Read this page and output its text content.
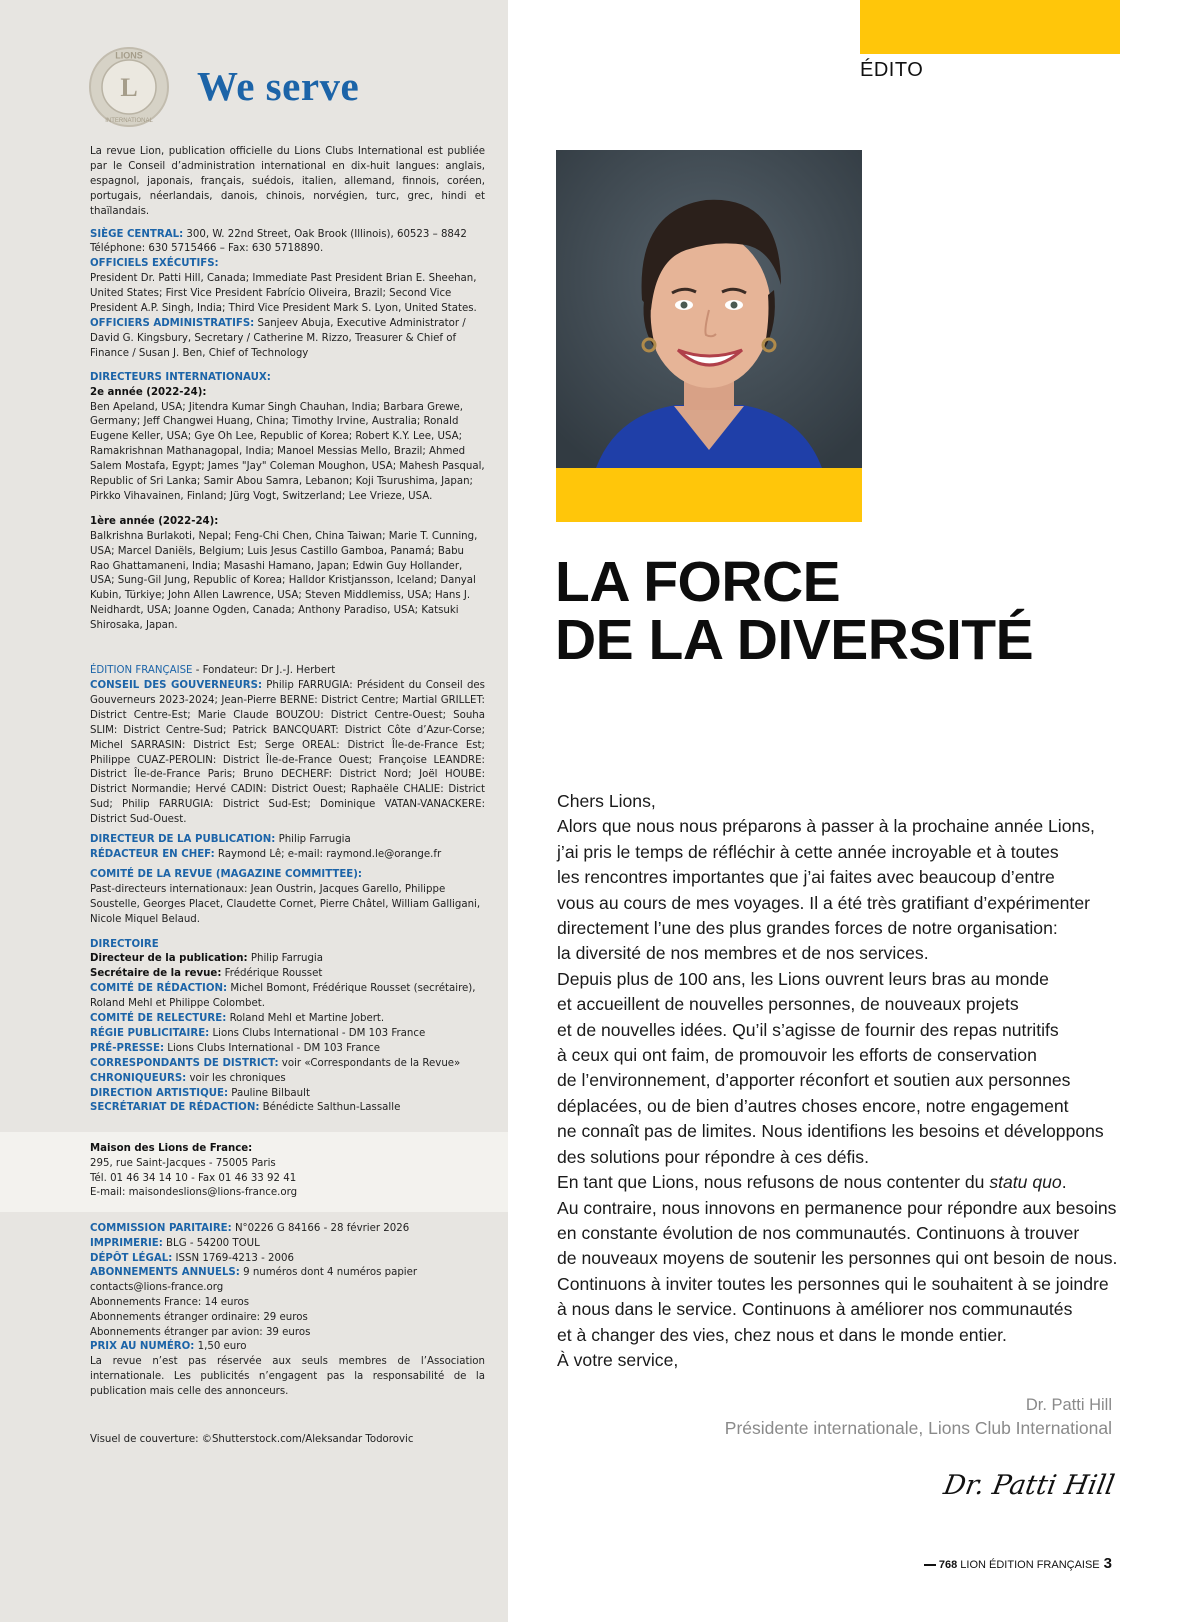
L
LIONS
INTERNATIONAL
We serve
La revue Lion, publication officielle du Lions Clubs International est publiée par le Conseil d’administration international en dix-huit langues: anglais, espagnol, japonais, français, suédois, italien, allemand, finnois, coréen, portugais, néerlandais, danois, chinois, norvégien, turc, grec, hindi et thaïlandais.
SIÈGE CENTRAL: 300, W. 22nd Street, Oak Brook (Illinois), 60523 – 8842
Téléphone: 630 5715466 – Fax: 630 5718890.
OFFICIELS EXÉCUTIFS:
President Dr. Patti Hill, Canada; Immediate Past President Brian E. Sheehan, United States; First Vice President Fabrício Oliveira, Brazil; Second Vice President A.P. Singh, India; Third Vice President Mark S. Lyon, United States.
OFFICIERS ADMINISTRATIFS: Sanjeev Abuja, Executive Administrator / David G. Kingsbury, Secretary / Catherine M. Rizzo, Treasurer & Chief of Finance / Susan J. Ben, Chief of Technology
DIRECTEURS INTERNATIONAUX:
2e année (2022-24):
Ben Apeland, USA; Jitendra Kumar Singh Chauhan, India; Barbara Grewe, Germany; Jeff Changwei Huang, China; Timothy Irvine, Australia; Ronald Eugene Keller, USA; Gye Oh Lee, Republic of Korea; Robert K.Y. Lee, USA; Ramakrishnan Mathanagopal, India; Manoel Messias Mello, Brazil; Ahmed Salem Mostafa, Egypt; James "Jay" Coleman Moughon, USA; Mahesh Pasqual, Republic of Sri Lanka; Samir Abou Samra, Lebanon; Koji Tsurushima, Japan; Pirkko Vihavainen, Finland; Jürg Vogt, Switzerland; Lee Vrieze, USA.
1ère année (2022-24):
Balkrishna Burlakoti, Nepal; Feng-Chi Chen, China Taiwan; Marie T. Cunning, USA; Marcel Daniëls, Belgium; Luis Jesus Castillo Gamboa, Panamá; Babu Rao Ghattamaneni, India; Masashi Hamano, Japan; Edwin Guy Hollander, USA; Sung-Gil Jung, Republic of Korea; Halldor Kristjansson, Iceland; Danyal Kubin, Türkiye; John Allen Lawrence, USA; Steven Middlemiss, USA; Hans J. Neidhardt, USA; Joanne Ogden, Canada; Anthony Paradiso, USA; Katsuki Shirosaka, Japan.
ÉDITION FRANÇAISE - Fondateur: Dr J.-J. Herbert
CONSEIL DES GOUVERNEURS: Philip FARRUGIA: Président du Conseil des Gouverneurs 2023-2024; Jean-Pierre BERNE: District Centre; Martial GRILLET: District Centre-Est; Marie Claude BOUZOU: District Centre-Ouest; Souha SLIM: District Centre-Sud; Patrick BANCQUART: District Côte d’Azur-Corse; Michel SARRASIN: District Est; Serge OREAL: District Île-de-France Est; Philippe CUAZ-PEROLIN: District Île-de-France Ouest; Françoise LEANDRE: District Île-de-France Paris; Bruno DECHERF: District Nord; Joël HOUBE: District Normandie; Hervé CADIN: District Ouest; Raphaële CHALIE: District Sud; Philip FARRUGIA: District Sud-Est; Dominique VATAN-VANACKERE: District Sud-Ouest.
DIRECTEUR DE LA PUBLICATION: Philip Farrugia
RÉDACTEUR EN CHEF: Raymond Lê; e-mail: raymond.le@orange.fr
COMITÉ DE LA REVUE (MAGAZINE COMMITTEE):
Past-directeurs internationaux: Jean Oustrin, Jacques Garello, Philippe Soustelle, Georges Placet, Claudette Cornet, Pierre Châtel, William Galligani, Nicole Miquel Belaud.
DIRECTOIRE
Directeur de la publication: Philip Farrugia
Secrétaire de la revue: Frédérique Rousset
COMITÉ DE RÉDACTION: Michel Bomont, Frédérique Rousset (secrétaire), Roland Mehl et Philippe Colombet.
COMITÉ DE RELECTURE: Roland Mehl et Martine Jobert.
RÉGIE PUBLICITAIRE: Lions Clubs International - DM 103 France
PRÉ-PRESSE: Lions Clubs International - DM 103 France
CORRESPONDANTS DE DISTRICT: voir «Correspondants de la Revue»
CHRONIQUEURS: voir les chroniques
DIRECTION ARTISTIQUE: Pauline Bilbault
SECRÉTARIAT DE RÉDACTION: Bénédicte Salthun-Lassalle
Maison des Lions de France:
295, rue Saint-Jacques - 75005 Paris
Tél. 01 46 34 14 10 - Fax 01 46 33 92 41
E-mail: maisondeslions@lions-france.org
COMMISSION PARITAIRE: N°0226 G 84166 - 28 février 2026
IMPRIMERIE: BLG - 54200 TOUL
DÉPÔT LÉGAL: ISSN 1769-4213 - 2006
ABONNEMENTS ANNUELS: 9 numéros dont 4 numéros papier
contacts@lions-france.org
Abonnements France: 14 euros
Abonnements étranger ordinaire: 29 euros
Abonnements étranger par avion: 39 euros
PRIX AU NUMÉRO: 1,50 euro
La revue n’est pas réservée aux seuls membres de l’Association internationale. Les publicités n’engagent pas la responsabilité de la publication mais celle des annonceurs.
Visuel de couverture: ©Shutterstock.com/Aleksandar Todorovic
ÉDITO
LA FORCE
DE LA DIVERSITÉ
Chers Lions,
Alors que nous nous préparons à passer à la prochaine année Lions,
j’ai pris le temps de réfléchir à cette année incroyable et à toutes
les rencontres importantes que j’ai faites avec beaucoup d’entre
vous au cours de mes voyages. Il a été très gratifiant d’expérimenter
directement l’une des plus grandes forces de notre organisation:
la diversité de nos membres et de nos services.
Depuis plus de 100 ans, les Lions ouvrent leurs bras au monde
et accueillent de nouvelles personnes, de nouveaux projets
et de nouvelles idées. Qu’il s’agisse de fournir des repas nutritifs
à ceux qui ont faim, de promouvoir les efforts de conservation
de l’environnement, d’apporter réconfort et soutien aux personnes
déplacées, ou de bien d’autres choses encore, notre engagement
ne connaît pas de limites. Nous identifions les besoins et développons
des solutions pour répondre à ces défis.
En tant que Lions, nous refusons de nous contenter du statu quo.
Au contraire, nous innovons en permanence pour répondre aux besoins
en constante évolution de nos communautés. Continuons à trouver
de nouveaux moyens de soutenir les personnes qui ont besoin de nous.
Continuons à inviter toutes les personnes qui le souhaitent à se joindre
à nous dans le service. Continuons à améliorer nos communautés
et à changer des vies, chez nous et dans le monde entier.
À votre service,
Dr. Patti Hill
Présidente internationale, Lions Club International
Dr. Patti Hill
768 LION ÉDITION FRANÇAISE 3
